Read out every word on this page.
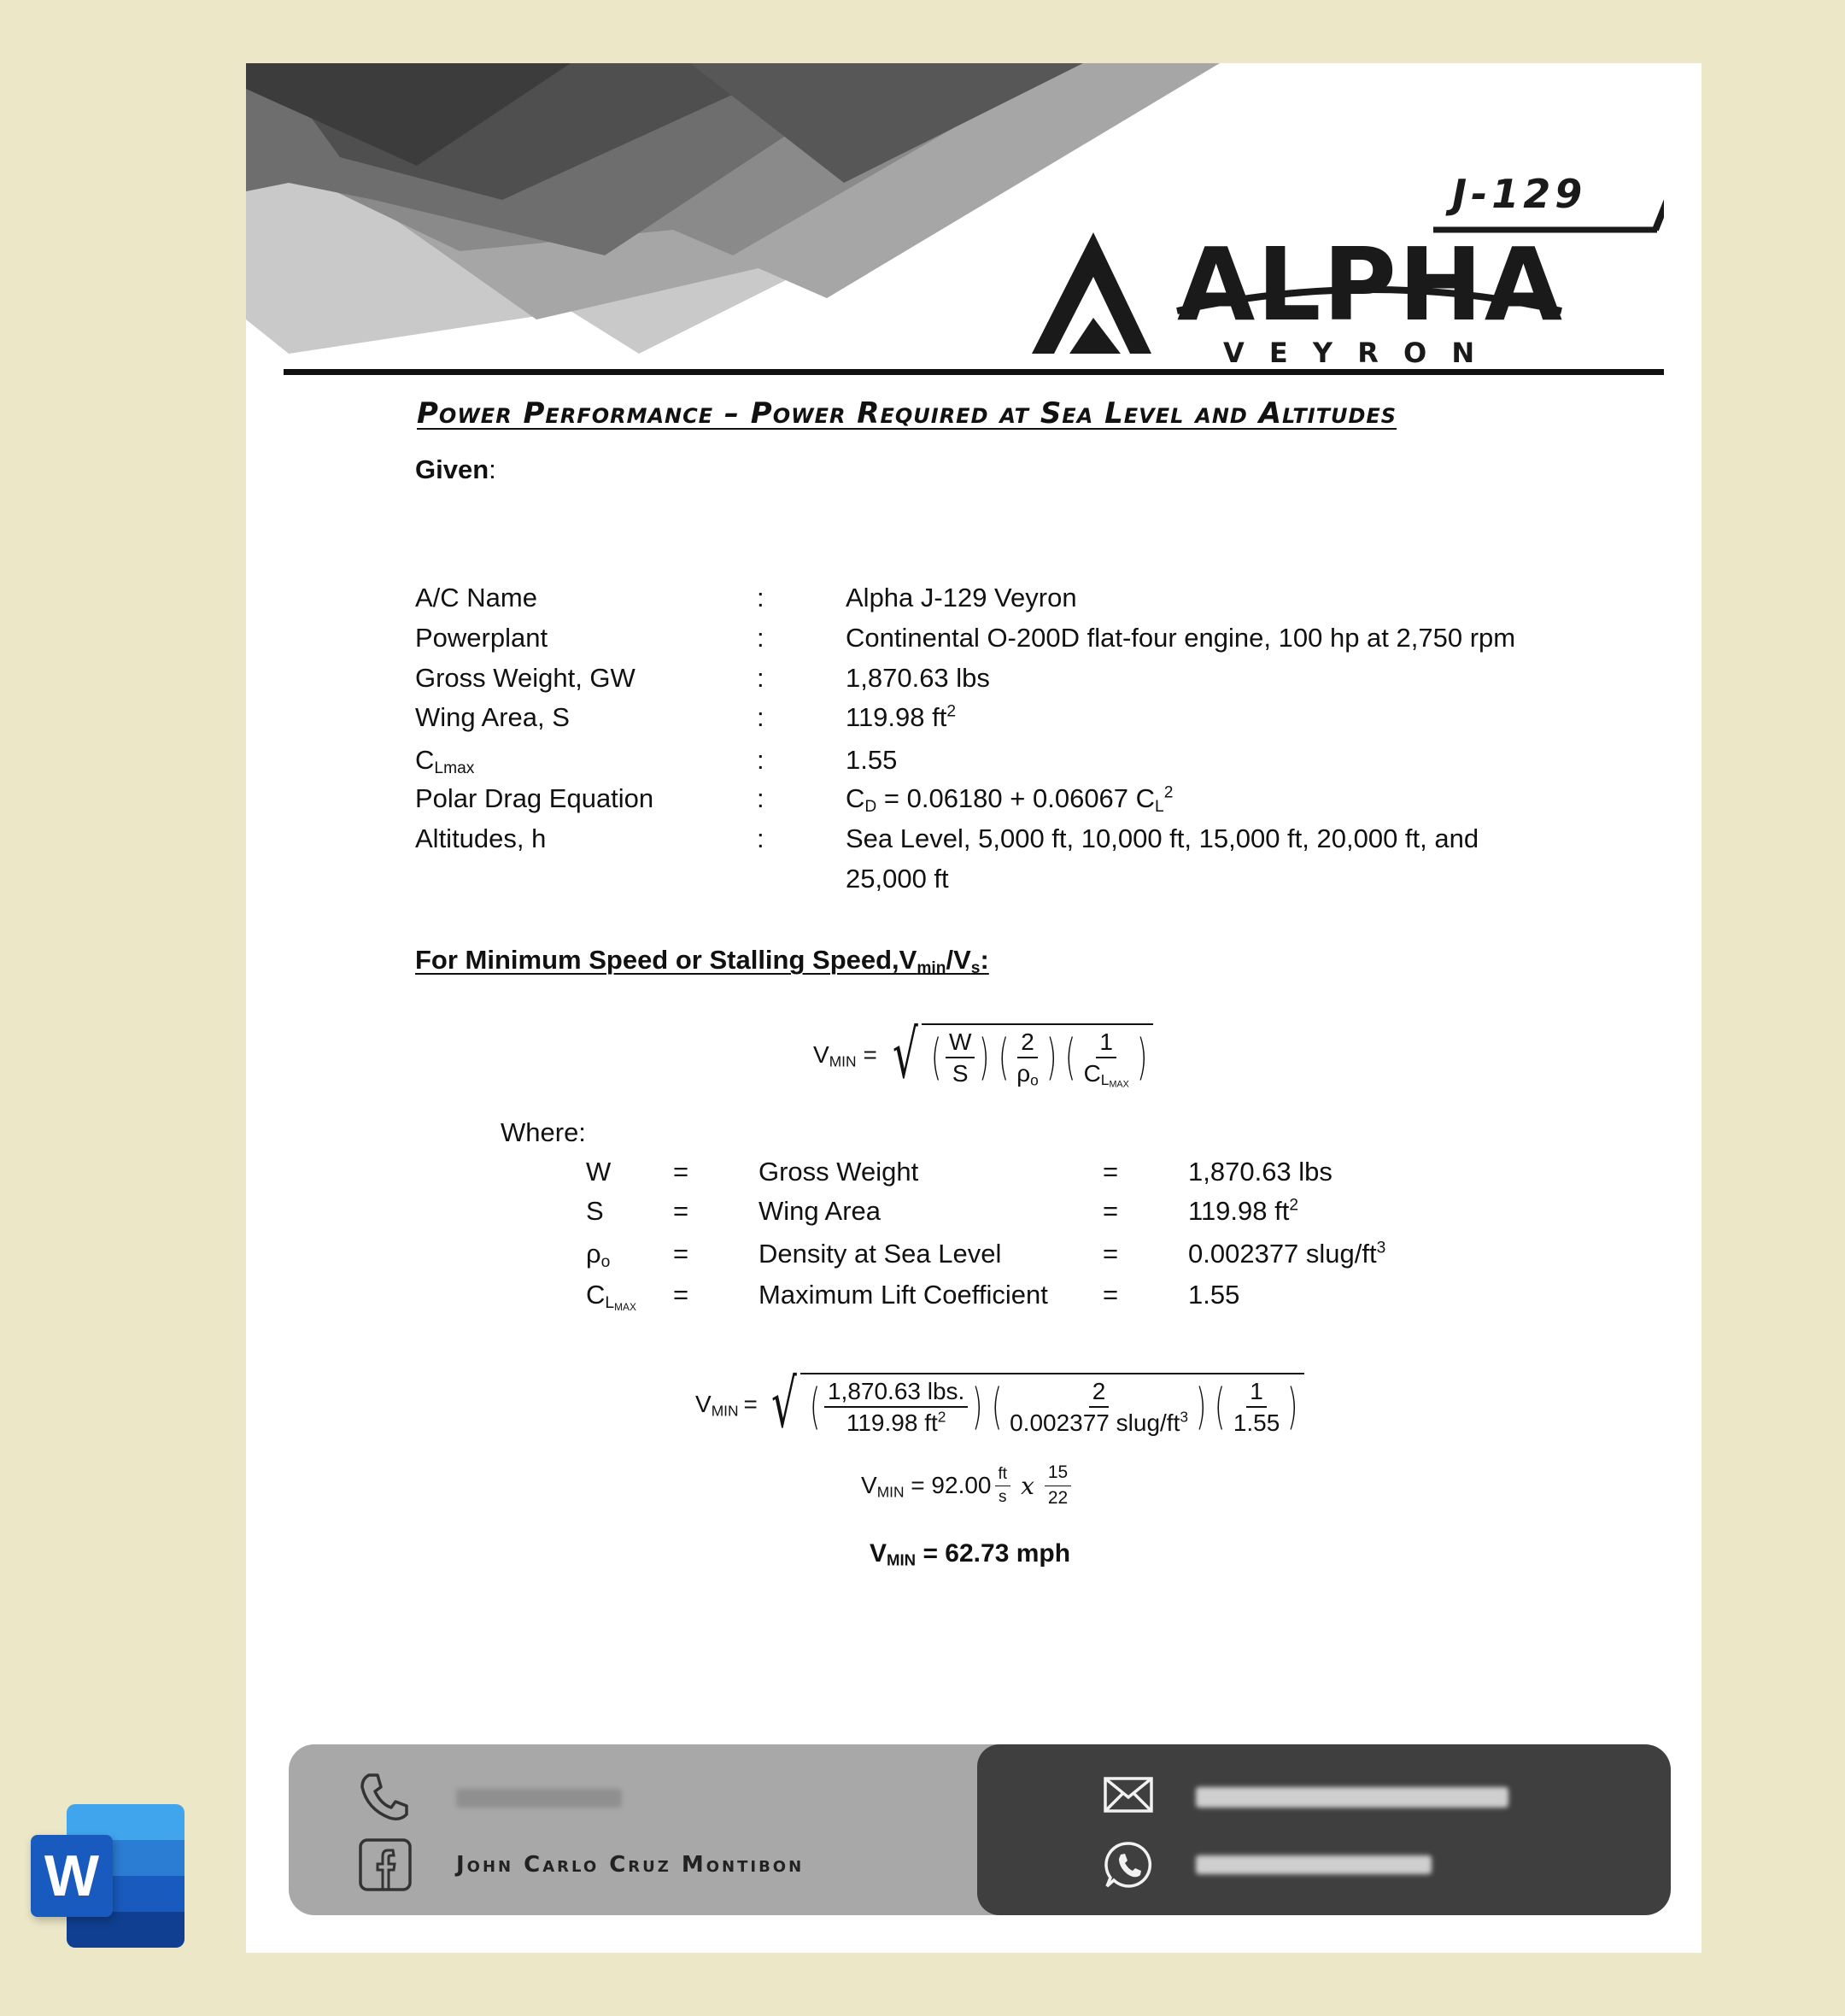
J-129
ALPHA
V E Y R O N
Power Performance – Power Required at Sea Level and Altitudes
Given:
For Minimum Speed or Stalling $Speed,V_{min}/V_s$:
$V_{MIN}$ = √ ( $\frac{W}{S}$ ) ( $\frac{2}{\rho_o}$ ) ( $\frac{1}{C_{L_{MAX}}}$ )
Where:
$V_{MIN}$ = √ ( $\frac{\text{1,870.63 lbs.}}{119.98 ft^2}$ ) ( $\frac{2}{0.002377 slug/ft^3}$ ) ( $\frac{1}{1.55}$ )
$V_{MIN} = 92.00 \frac{ft}{s}$ x $\frac{15}{22}$
$V_{MIN} = 62.73$ mph
John Carlo Cruz Montibon
A/C Name	:	Alpha J-129 Veyron
Powerplant	:	Continental O-200D flat-four engine, 100 hp at 2,750 rpm
Gross Weight, GW	:	1,870.63 lbs
Wing Area, S	:	119.98 $ft^2$
$C_{Lmax}$	:	1.55
Polar Drag Equation	:	$C_D = 0.06180 + 0.06067$ $C_L^2$
Altitudes, h	:	Sea Level, 5,000 ft, 10,000 ft, 15,000 ft, 20,000 ft, and
25,000 ft
W =	Gross Weight	=	1,870.63 lbs
S	=	Wing Area	=	119.98 $ft^2$
$\rho_o$ =	Density at Sea Level	=	0.002377 slug/$ft^3$
$C_{L_{MAX}}$ =	Maximum Lift Coefficient =	1.55
W
